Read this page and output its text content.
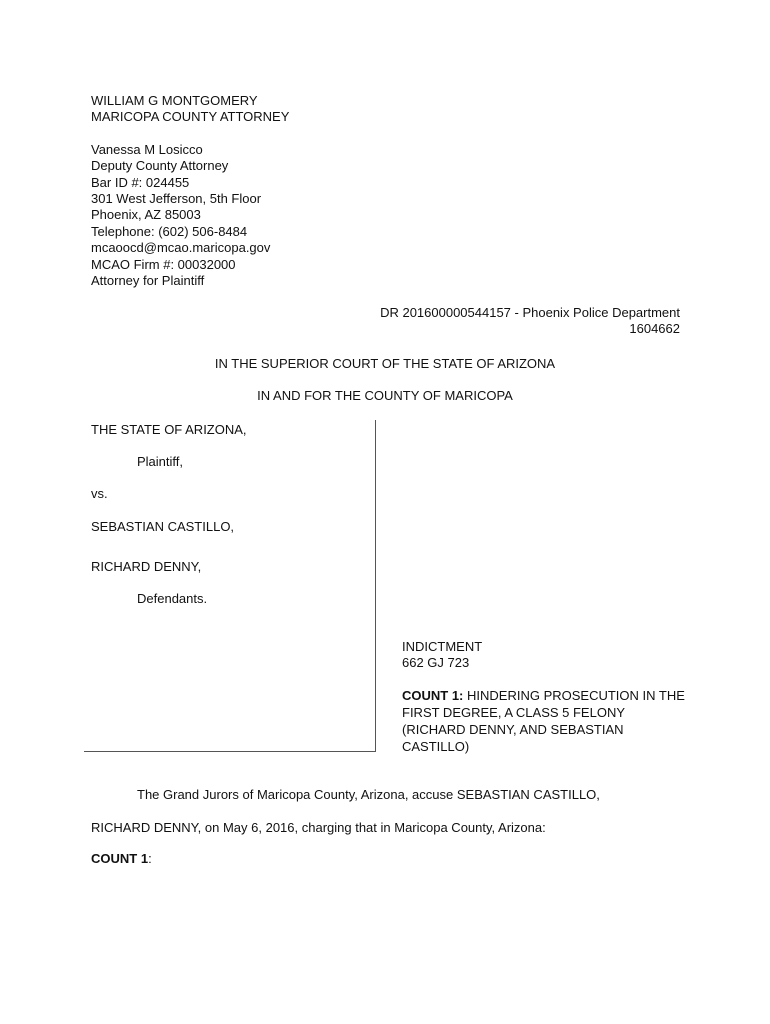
WILLIAM G MONTGOMERY
MARICOPA COUNTY ATTORNEY
Vanessa M Losicco
Deputy County Attorney
Bar ID #: 024455
301 West Jefferson, 5th Floor
Phoenix, AZ 85003
Telephone: (602) 506-8484
mcaoocd@mcao.maricopa.gov
MCAO Firm #: 00032000
Attorney for Plaintiff
DR 201600000544157 - Phoenix Police Department
1604662
IN THE SUPERIOR COURT OF THE STATE OF ARIZONA
IN AND FOR THE COUNTY OF MARICOPA
THE STATE OF ARIZONA,
Plaintiff,
vs.
SEBASTIAN CASTILLO,
RICHARD DENNY,
Defendants.
INDICTMENT
662 GJ 723
COUNT 1: HINDERING PROSECUTION IN THE FIRST DEGREE, A CLASS 5 FELONY (RICHARD DENNY, AND SEBASTIAN CASTILLO)
The Grand Jurors of Maricopa County, Arizona, accuse SEBASTIAN CASTILLO,
RICHARD DENNY, on May 6, 2016, charging that in Maricopa County, Arizona:
COUNT 1:
